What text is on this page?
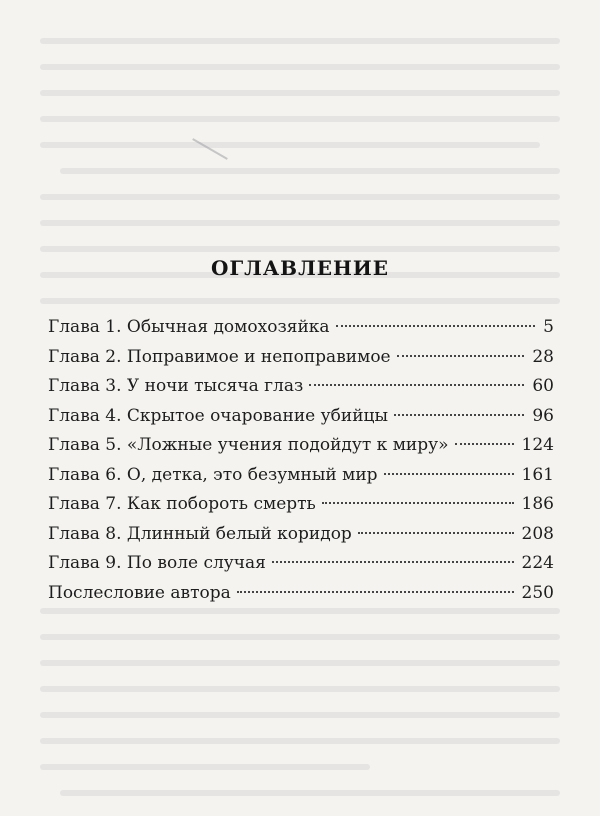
ОГЛАВЛЕНИЕ
Глава 1. Обычная домохозяйка	5
Глава 2. Поправимое и непоправимое	28
Глава 3. У ночи тысяча глаз	60
Глава 4. Скрытое очарование убийцы	96
Глава 5. «Ложные учения подойдут к миру»	124
Глава 6. О, детка, это безумный мир	161
Глава 7. Как побороть смерть	186
Глава 8. Длинный белый коридор	208
Глава 9. По воле случая	224
Послесловие автора	250
